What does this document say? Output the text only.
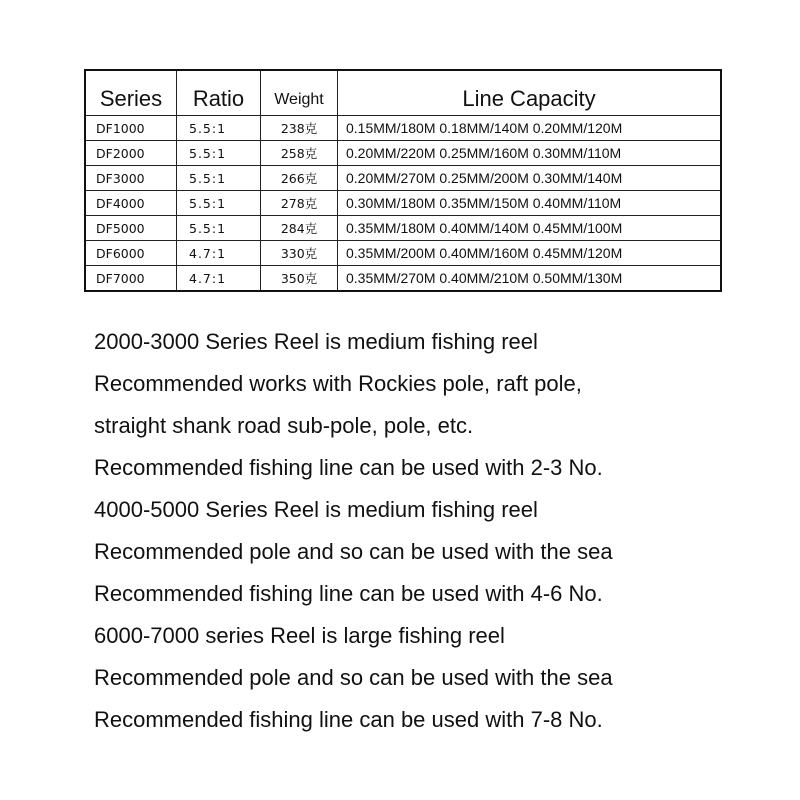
Series	Ratio	Weight	Line Capacity
DF1000	5.5:1	238克	0.15MM/180M 0.18MM/140M 0.20MM/120M
DF2000	5.5:1	258克	0.20MM/220M 0.25MM/160M 0.30MM/110M
DF3000	5.5:1	266克	0.20MM/270M 0.25MM/200M 0.30MM/140M
DF4000	5.5:1	278克	0.30MM/180M 0.35MM/150M 0.40MM/110M
DF5000	5.5:1	284克	0.35MM/180M 0.40MM/140M 0.45MM/100M
DF6000	4.7:1	330克	0.35MM/200M 0.40MM/160M 0.45MM/120M
DF7000	4.7:1	350克	0.35MM/270M 0.40MM/210M 0.50MM/130M
2000-3000 Series Reel is medium fishing reel
Recommended works with Rockies pole, raft pole,
straight shank road sub-pole, pole, etc.
Recommended fishing line can be used with 2-3 No.
4000-5000 Series Reel is medium fishing reel
Recommended pole and so can be used with the sea
Recommended fishing line can be used with 4-6 No.
6000-7000 series Reel is large fishing reel
Recommended pole and so can be used with the sea
Recommended fishing line can be used with 7-8 No.
